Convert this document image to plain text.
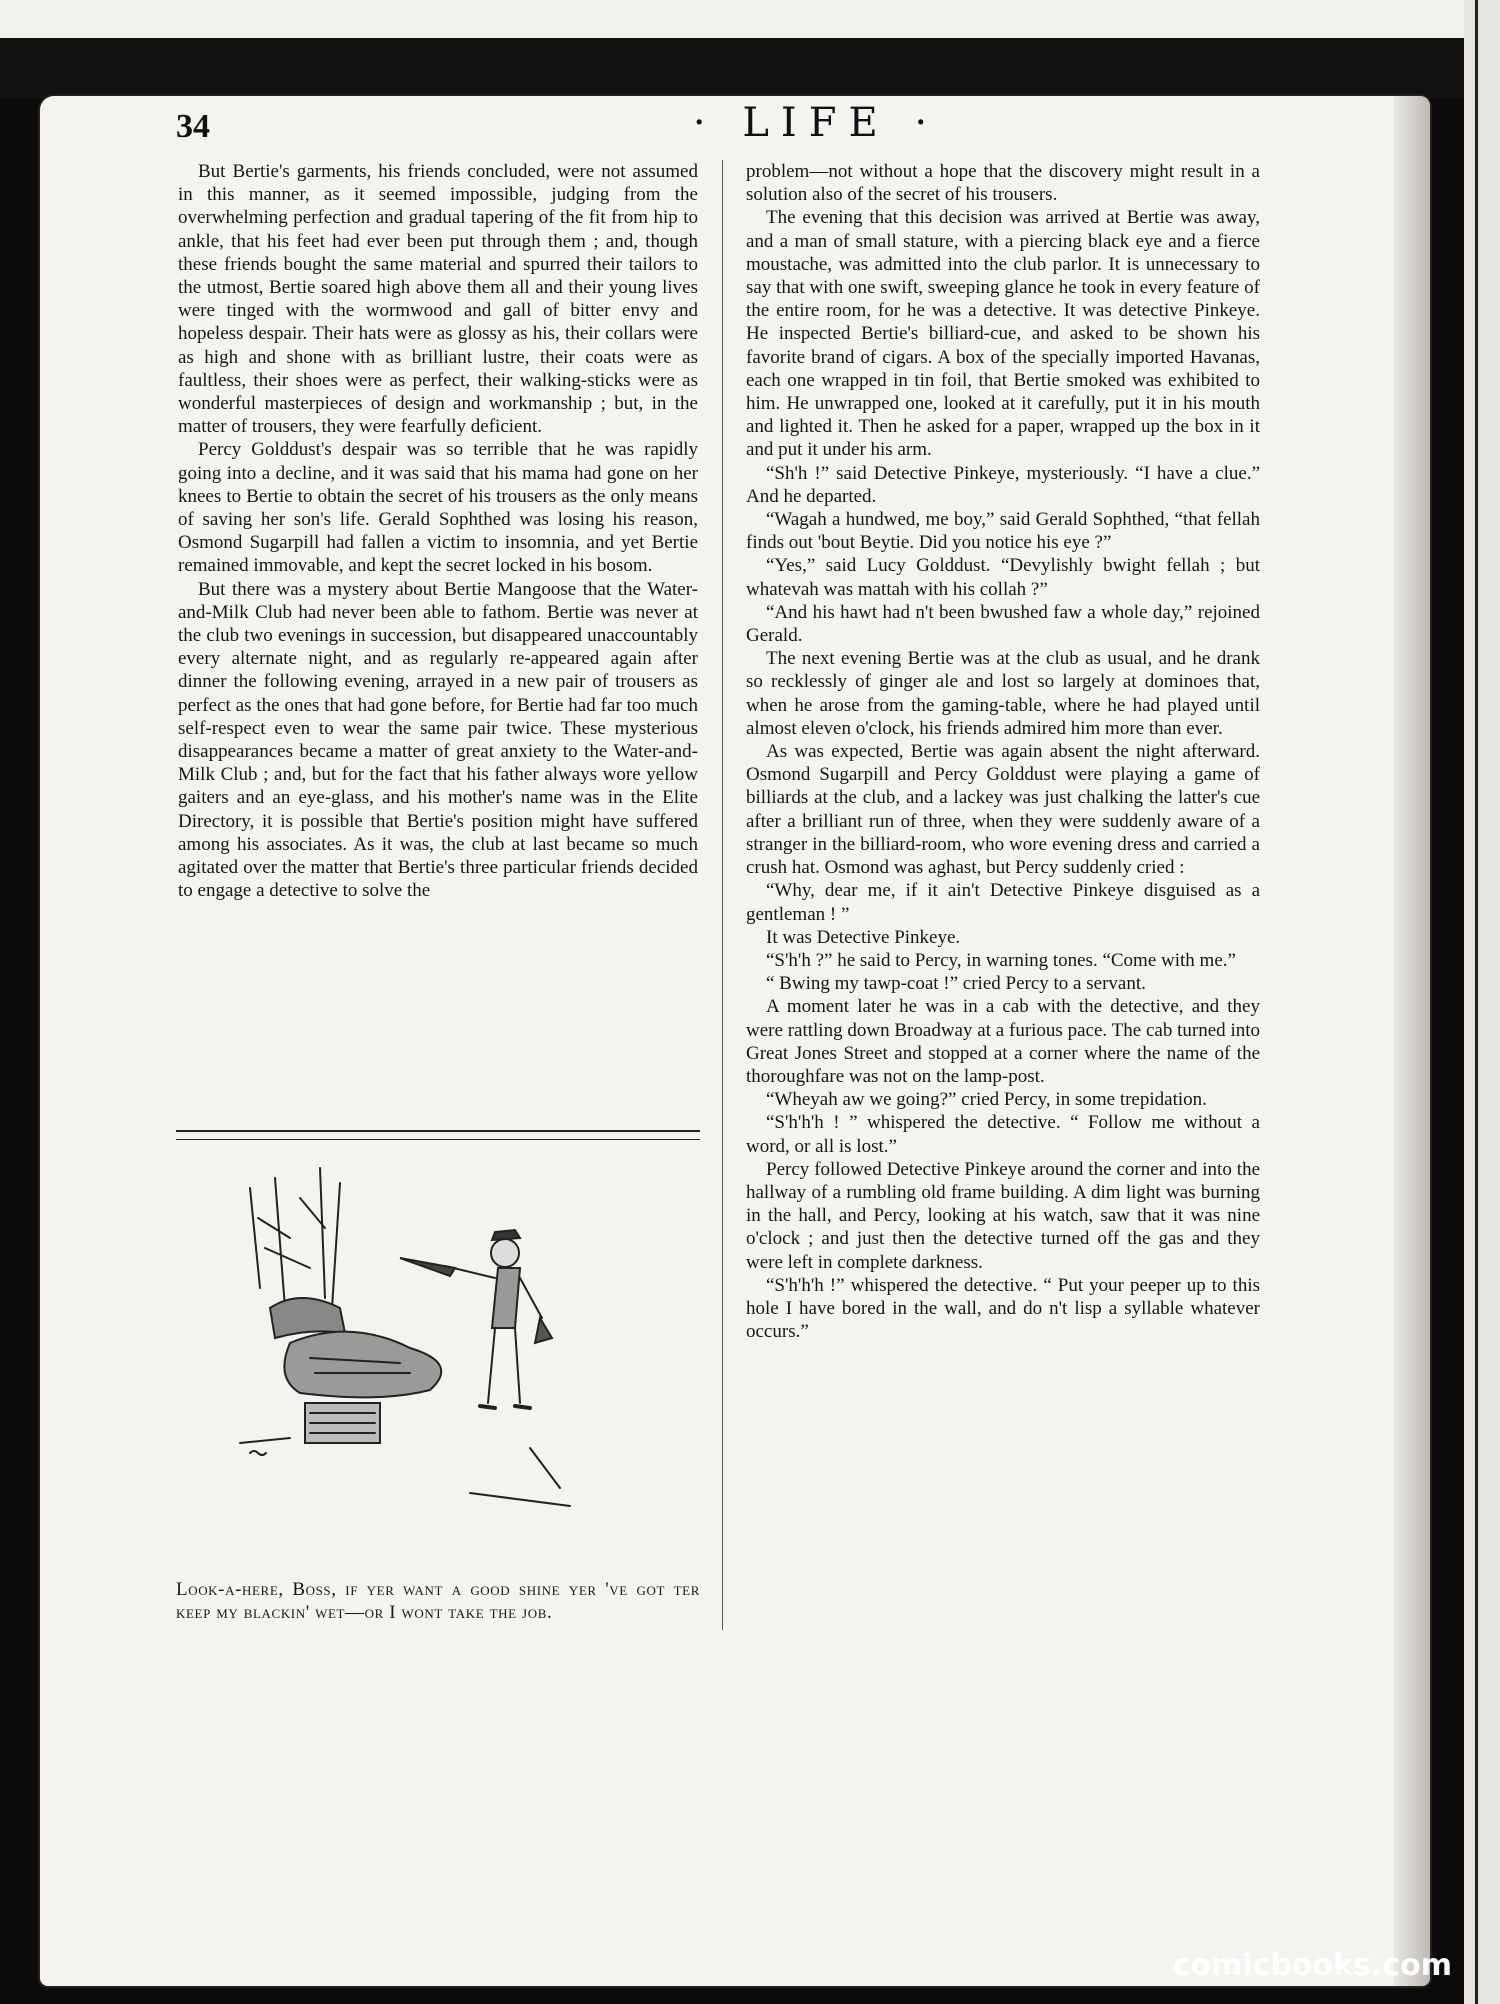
34	· LIFE ·

But Bertie's garments, his friends concluded, were not assumed in this manner, as it seemed impossible, judging from the overwhelming perfection and gradual tapering of the fit from hip to ankle, that his feet had ever been put through them ; and, though these friends bought the same material and spurred their tailors to the utmost, Bertie soared high above them all and their young lives were tinged with the wormwood and gall of bitter envy and hopeless despair. Their hats were as glossy as his, their collars were as high and shone with as brilliant lustre, their coats were as faultless, their shoes were as perfect, their walking-sticks were as wonderful masterpieces of design and workmanship ; but, in the matter of trousers, they were fearfully deficient.

Percy Golddust's despair was so terrible that he was rapidly going into a decline, and it was said that his mama had gone on her knees to Bertie to obtain the secret of his trousers as the only means of saving her son's life. Gerald Sophthed was losing his reason, Osmond Sugarpill had fallen a victim to insomnia, and yet Bertie remained immovable, and kept the secret locked in his bosom.

But there was a mystery about Bertie Mangoose that the Water-and-Milk Club had never been able to fathom. Bertie was never at the club two evenings in succession, but disappeared unaccountably every alternate night, and as regularly re-appeared again after dinner the following evening, arrayed in a new pair of trousers as perfect as the ones that had gone before, for Bertie had far too much self-respect even to wear the same pair twice. These mysterious disappearances became a matter of great anxiety to the Water-and-Milk Club ; and, but for the fact that his father always wore yellow gaiters and an eye-glass, and his mother's name was in the Elite Directory, it is possible that Bertie's position might have suffered among his associates. As it was, the club at last became so much agitated over the matter that Bertie's three particular friends decided to engage a detective to solve the

Look-a-here, Boss, if yer want a good shine yer 've got ter keep my blackin' wet—or I wont take the job.

problem—not without a hope that the discovery might result in a solution also of the secret of his trousers.

The evening that this decision was arrived at Bertie was away, and a man of small stature, with a piercing black eye and a fierce moustache, was admitted into the club parlor. It is unnecessary to say that with one swift, sweeping glance he took in every feature of the entire room, for he was a detective. It was detective Pinkeye. He inspected Bertie's billiard-cue, and asked to be shown his favorite brand of cigars. A box of the specially imported Havanas, each one wrapped in tin foil, that Bertie smoked was exhibited to him. He unwrapped one, looked at it carefully, put it in his mouth and lighted it. Then he asked for a paper, wrapped up the box in it and put it under his arm.

“Sh'h !” said Detective Pinkeye, mysteriously. “I have a clue.” And he departed.

“Wagah a hundwed, me boy,” said Gerald Sophthed, “that fellah finds out 'bout Beytie. Did you notice his eye ?”

“Yes,” said Lucy Golddust. “Devylishly bwight fellah ; but whatevah was mattah with his collah ?”

“And his hawt had n't been bwushed faw a whole day,” rejoined Gerald.

The next evening Bertie was at the club as usual, and he drank so recklessly of ginger ale and lost so largely at dominoes that, when he arose from the gaming-table, where he had played until almost eleven o'clock, his friends admired him more than ever.

As was expected, Bertie was again absent the night afterward. Osmond Sugarpill and Percy Golddust were playing a game of billiards at the club, and a lackey was just chalking the latter's cue after a brilliant run of three, when they were suddenly aware of a stranger in the billiard-room, who wore evening dress and carried a crush hat. Osmond was aghast, but Percy suddenly cried :

“Why, dear me, if it ain't Detective Pinkeye disguised as a gentleman ! ”

It was Detective Pinkeye.

“S'h'h ?” he said to Percy, in warning tones. “Come with me.”

“ Bwing my tawp-coat !” cried Percy to a servant.

A moment later he was in a cab with the detective, and they were rattling down Broadway at a furious pace. The cab turned into Great Jones Street and stopped at a corner where the name of the thoroughfare was not on the lamp-post.

“Wheyah aw we going?” cried Percy, in some trepidation.

“S'h'h'h ! ” whispered the detective. “ Follow me without a word, or all is lost.”

Percy followed Detective Pinkeye around the corner and into the hallway of a rumbling old frame building. A dim light was burning in the hall, and Percy, looking at his watch, saw that it was nine o'clock ; and just then the detective turned off the gas and they were left in complete darkness.

“S'h'h'h !” whispered the detective. “ Put your peeper up to this hole I have bored in the wall, and do n't lisp a syllable whatever occurs.”

comicbooks.com
